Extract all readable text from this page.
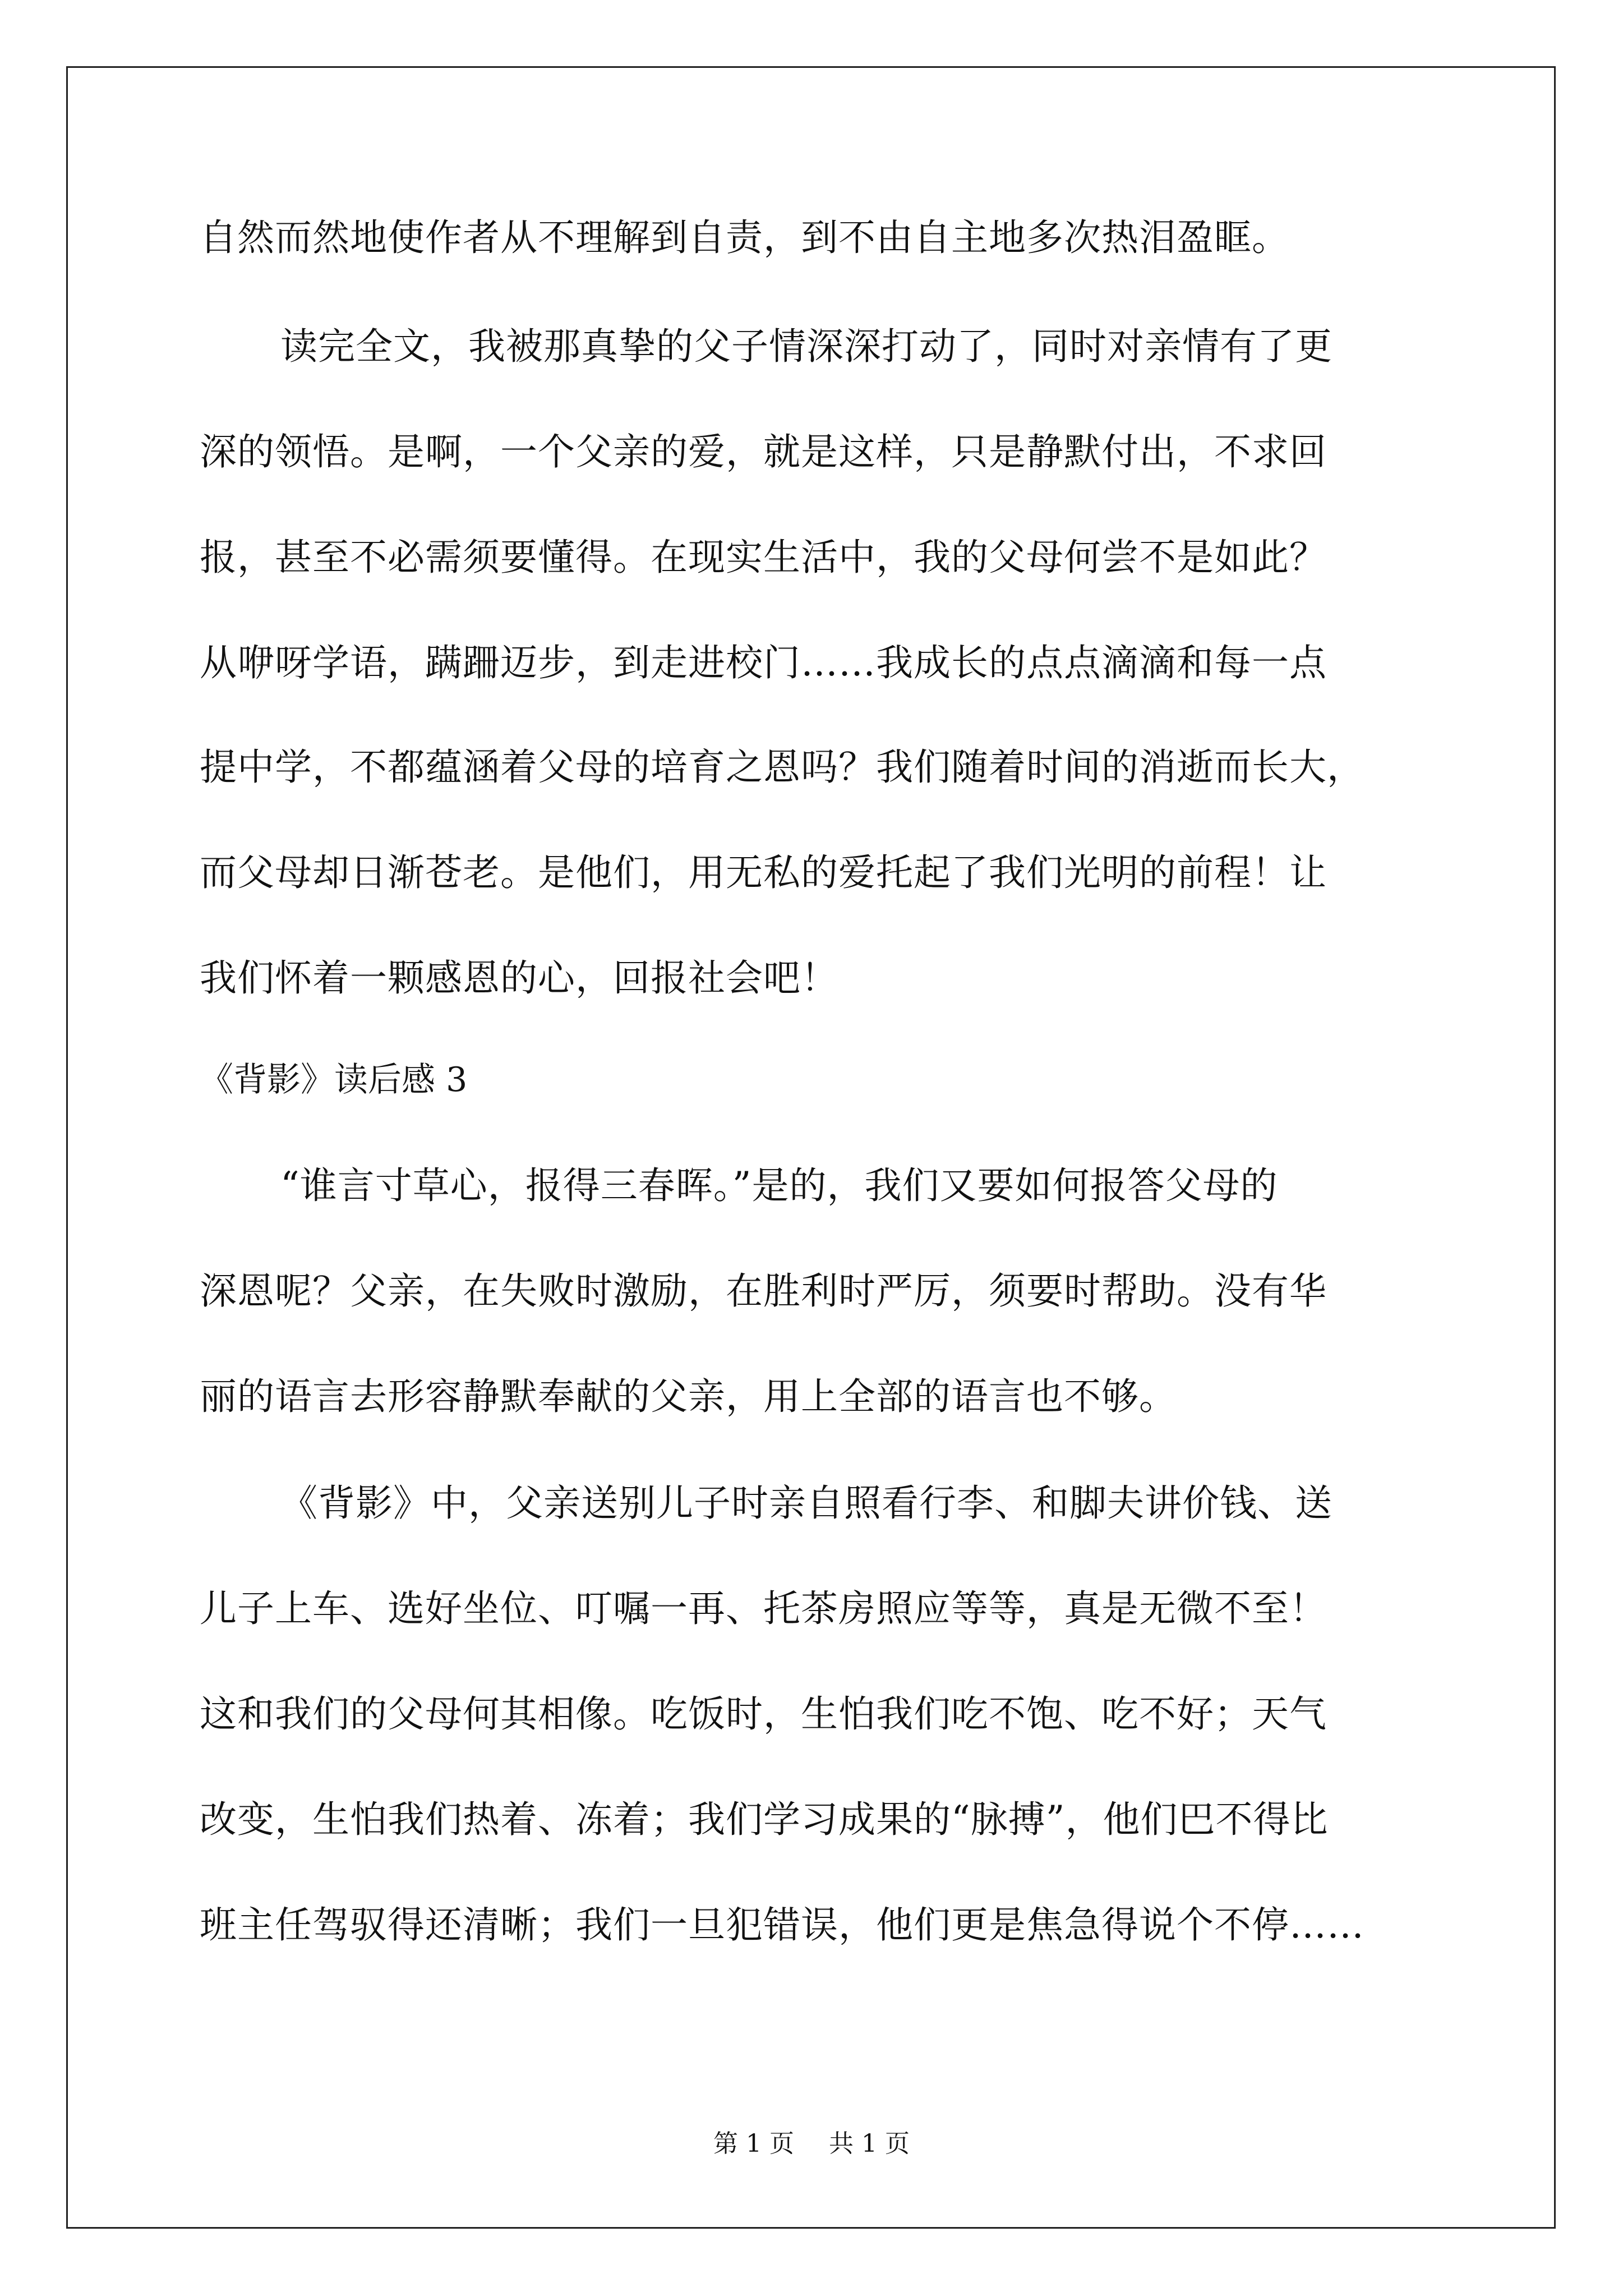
自然而然地使作者从不理解到自责，到不由自主地多次热泪盈眶。
读完全文，我被那真挚的父子情深深打动了，同时对亲情有了更
深的领悟。是啊，一个父亲的爱，就是这样，只是静默付出，不求回
报，甚至不必需须要懂得。在现实生活中，我的父母何尝不是如此？
从咿呀学语，蹒跚迈步，到走进校门……我成长的点点滴滴和每一点
提中学，不都蕴涵着父母的培育之恩吗？我们随着时间的消逝而长大，
而父母却日渐苍老。是他们，用无私的爱托起了我们光明的前程！让
我们怀着一颗感恩的心，回报社会吧！
《背影》读后感 3
“谁言寸草心，报得三春晖。”是的，我们又要如何报答父母的
深恩呢？父亲，在失败时激励，在胜利时严厉，须要时帮助。没有华
丽的语言去形容静默奉献的父亲，用上全部的语言也不够。
《背影》中，父亲送别儿子时亲自照看行李、和脚夫讲价钱、送
儿子上车、选好坐位、叮嘱一再、托茶房照应等等，真是无微不至！
这和我们的父母何其相像。吃饭时，生怕我们吃不饱、吃不好；天气
改变，生怕我们热着、冻着；我们学习成果的“脉搏”，他们巴不得比
班主任驾驭得还清晰；我们一旦犯错误，他们更是焦急得说个不停……
第 1 页 共 1 页
